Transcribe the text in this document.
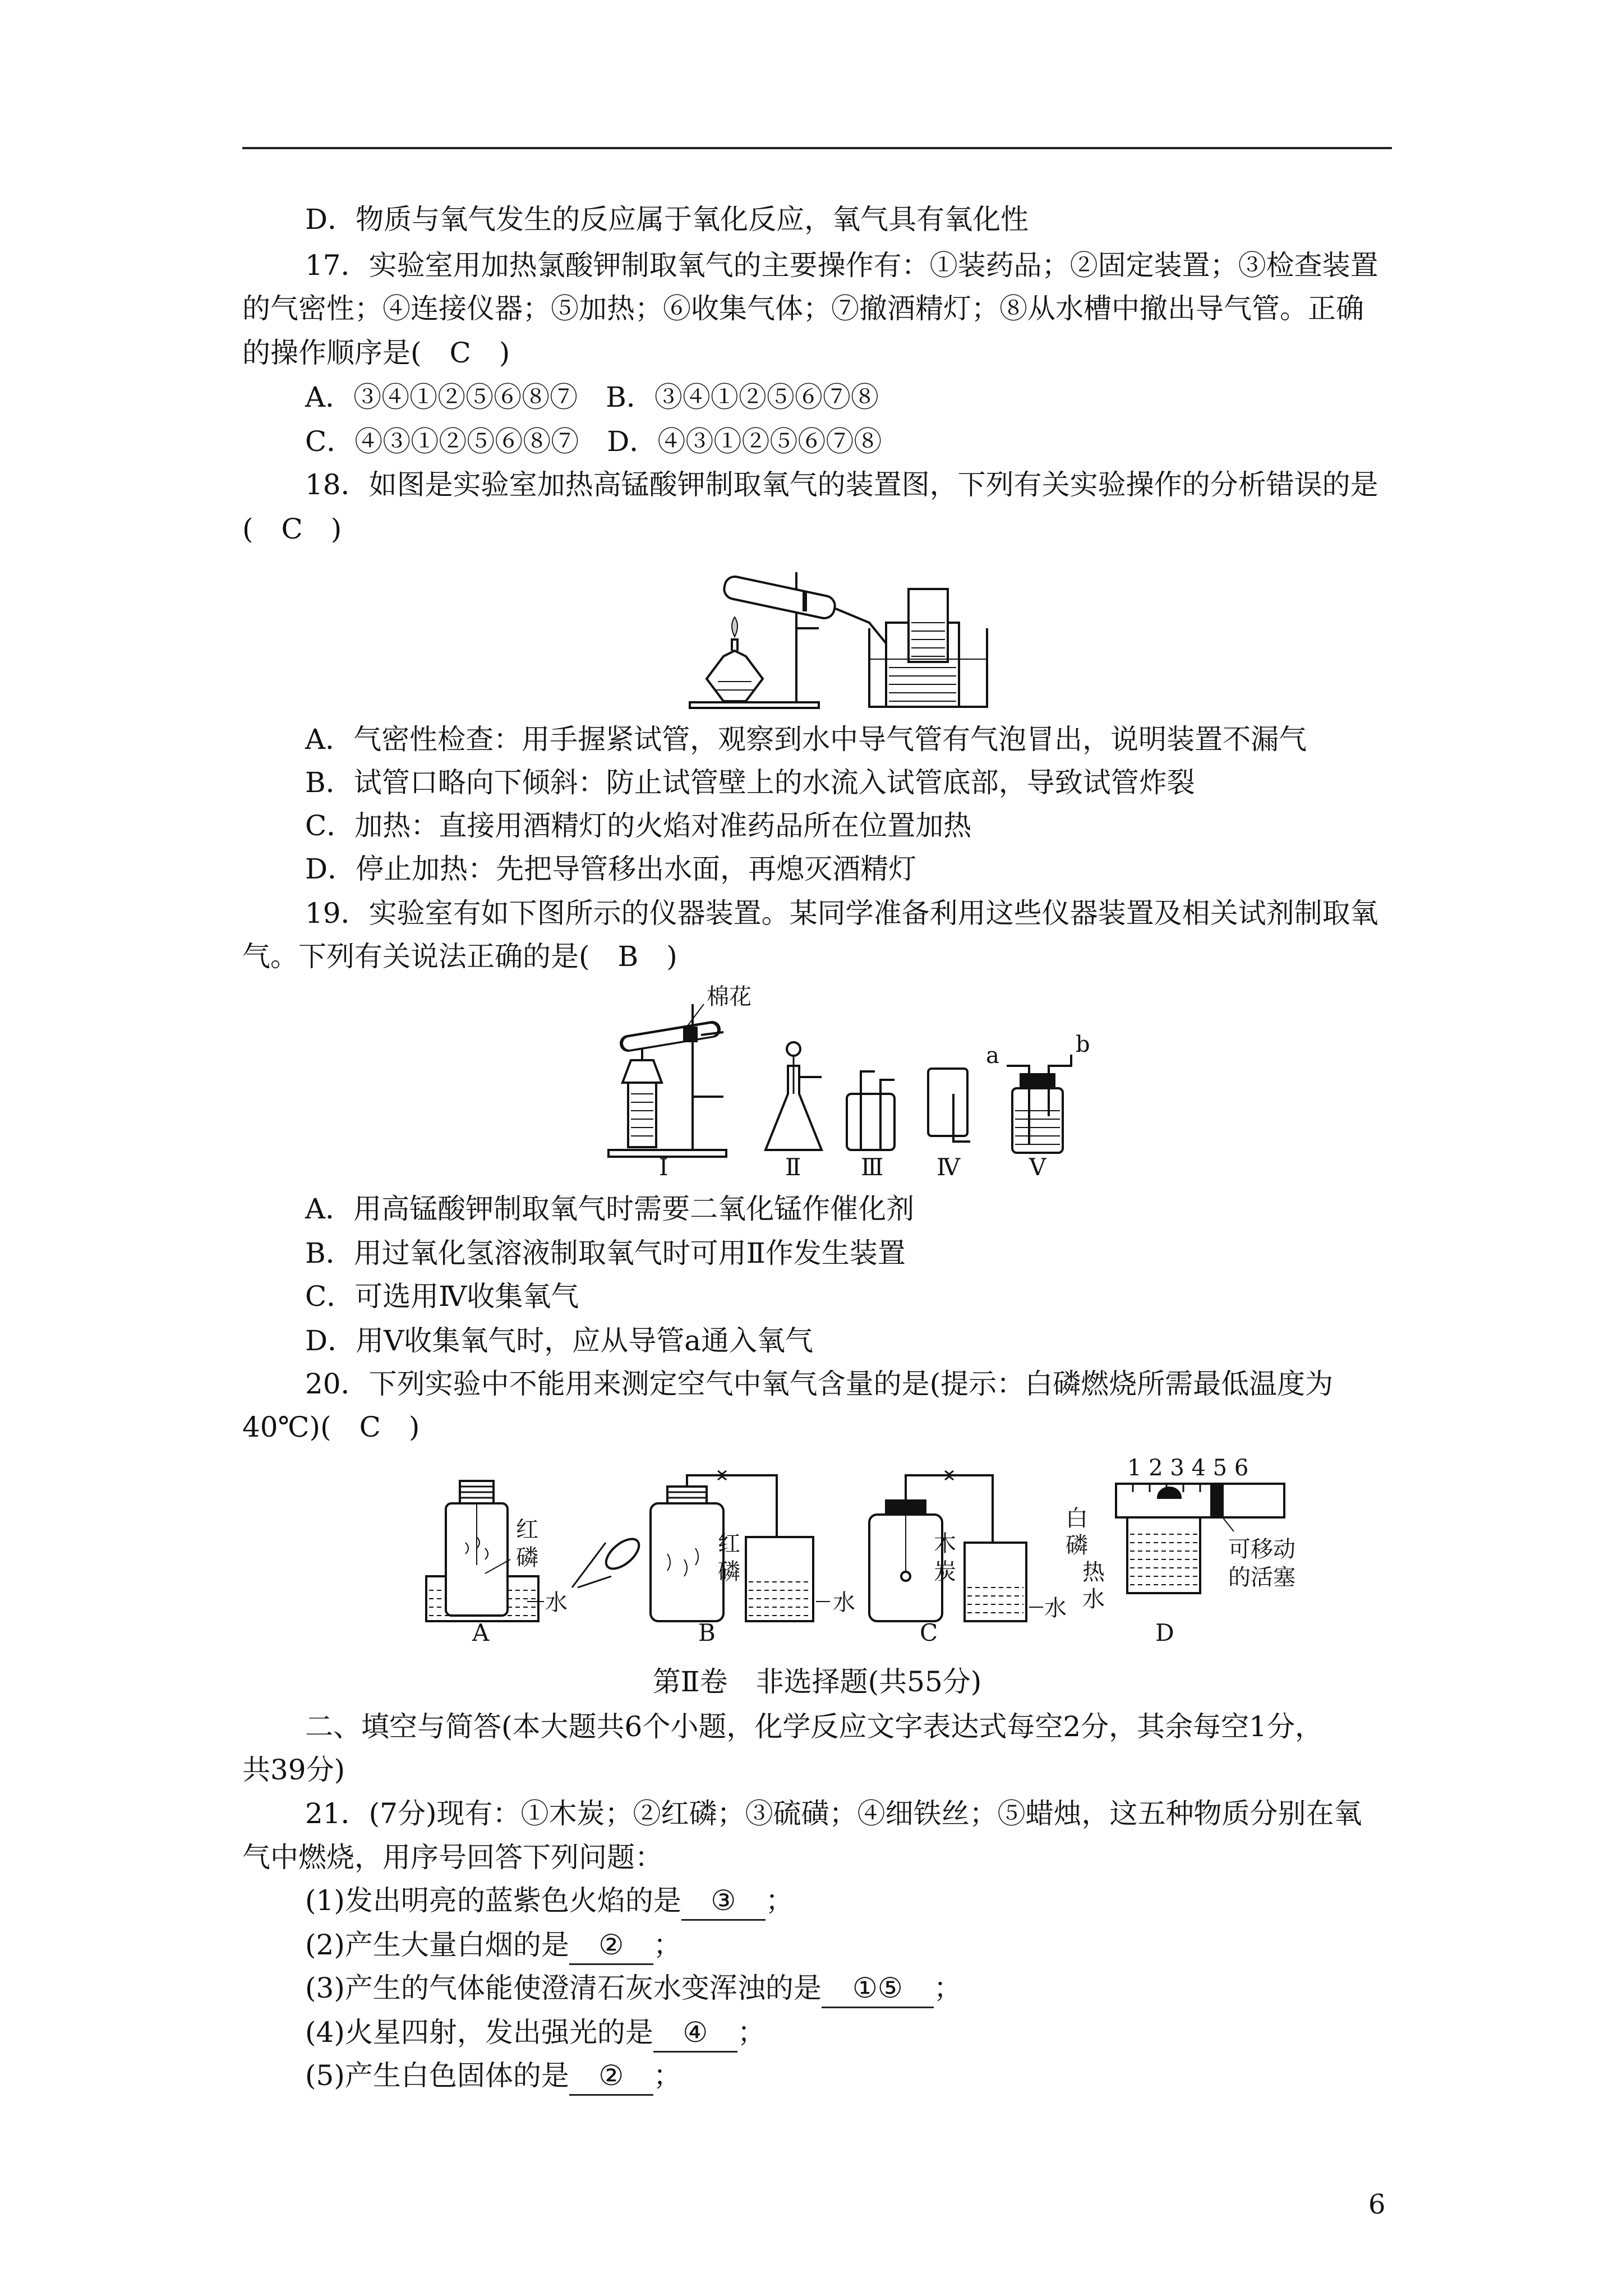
D．物质与氧气发生的反应属于氧化反应，氧气具有氧化性
17．实验室用加热氯酸钾制取氧气的主要操作有：①装药品；②固定装置；③检查装置
的气密性；④连接仪器；⑤加热；⑥收集气体；⑦撤酒精灯；⑧从水槽中撤出导气管。正确
的操作顺序是(　C　)
A．③④①②⑤⑥⑧⑦　B．③④①②⑤⑥⑦⑧
C．④③①②⑤⑥⑧⑦　D．④③①②⑤⑥⑦⑧
18．如图是实验室加热高锰酸钾制取氧气的装置图，下列有关实验操作的分析错误的是
(　C　)
A．气密性检查：用手握紧试管，观察到水中导气管有气泡冒出，说明装置不漏气
B．试管口略向下倾斜：防止试管壁上的水流入试管底部，导致试管炸裂
C．加热：直接用酒精灯的火焰对准药品所在位置加热
D．停止加热：先把导管移出水面，再熄灭酒精灯
19．实验室有如下图所示的仪器装置。某同学准备利用这些仪器装置及相关试剂制取氧
气。下列有关说法正确的是(　B　)
棉花
Ⅰ	Ⅱ	Ⅲ Ⅳ
a	b
Ⅴ
A．用高锰酸钾制取氧气时需要二氧化锰作催化剂
B．用过氧化氢溶液制取氧气时可用Ⅱ作发生装置
C．可选用Ⅳ收集氧气
D．用Ⅴ收集氧气时，应从导管a通入氧气
20．下列实验中不能用来测定空气中氧气含量的是(提示：白磷燃烧所需最低温度为
40℃)(　C　)
红
磷
水
A
红
磷
水
B
木
炭
水
C
1 2 3 4 5 6
白
磷
热
水
可移动
的活塞
D
第Ⅱ卷　非选择题(共55分)
二、填空与简答(本大题共6个小题，化学反应文字表达式每空2分，其余每空1分，
共39分)
21．(7分)现有：①木炭；②红磷；③硫磺；④细铁丝；⑤蜡烛，这五种物质分别在氧
气中燃烧，用序号回答下列问题：
(1)发出明亮的蓝紫色火焰的是 ③ ；
(2)产生大量白烟的是 ② ；
(3)产生的气体能使澄清石灰水变浑浊的是 ①⑤ ；
(4)火星四射，发出强光的是 ④ ；
(5)产生白色固体的是 ② ；
6
